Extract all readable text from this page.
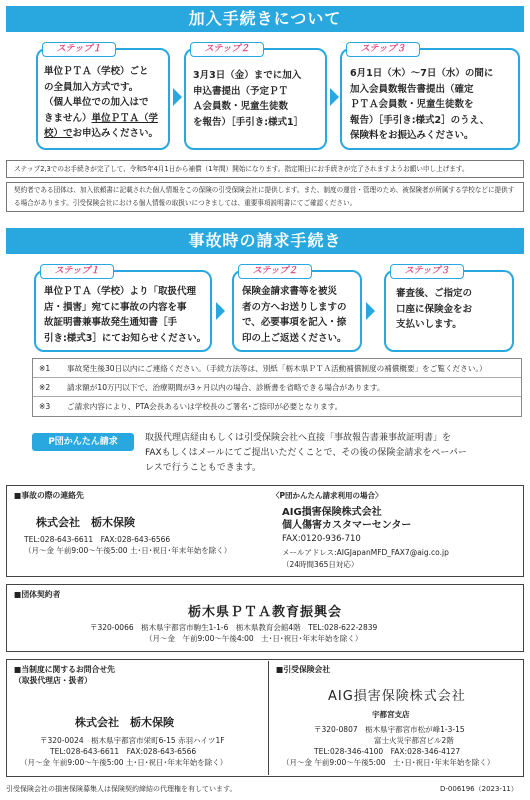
加入手続きについて
ステップ１
単位ＰＴＡ（学校）ごと
の全員加入方式です。
（個人単位での加入はで
きません）単位ＰＴＡ（学
校）でお申込みください。
ステップ２
3月3日（金）までに加入
申込書提出（予定ＰＴ
Ａ会員数・児童生徒数
を報告）［手引き:様式1］
ステップ３
6月1日（木）～7日（水）の間に
加入会員数報告書提出（確定
ＰＴＡ会員数・児童生徒数を
報告）［手引き:様式2］のうえ、
保険料をお振込みください。
ステップ2,3でのお手続きが完了して、令和5年4月1日から補償（1年間）開始になります。指定期日にお手続きが完了されますようお願い申し上げます。
契約者である団体は、加入依頼書に記載された個人情報をこの保険の引受保険会社に提供します。また、制度の運営・管理のため、被保険者が所属する学校などに提供する場合があります。引受保険会社における個人情報の取扱いにつきましては、重要事項説明書にてご確認ください。
事故時の請求手続き
ステップ１
単位ＰＴＡ（学校）より「取扱代理
店・損害」宛てに事故の内容を事
故証明書兼事故発生通知書［手
引き:様式3］にてお知らせください。
ステップ２
保険金請求書等を被災
者の方へお送りしますの
で、必要事項を記入・捺
印の上ご返送ください。
ステップ３
審査後、ご指定の
口座に保険金をお
支払いします。
※1	事故発生後30日以内にご連絡ください。（手続方法等は、別紙「栃木県ＰＴＡ活動補償制度の補償概要」をご覧ください。）
※2	請求額が10万円以下で、治療期間が3ヶ月以内の場合、診断書を省略できる場合があります。
※3	ご請求内容により、PTA会長あるいは学校長のご署名･ご捺印が必要となります。
P団かんたん請求	取扱代理店経由もしくは引受保険会社へ直接「事故報告書兼事故証明書」を
FAXもしくはメールにてご提出いただくことで、その後の保険金請求をペーパー
レスで行うこともできます。
■事故の際の連絡先
株式会社　栃木保険
TEL:028-643-6611　FAX:028-643-6566
（月～金 午前9:00～午後5:00 土･日･祝日･年末年始を除く）
〈P団かんたん請求利用の場合〉
AIG損害保険株式会社
個人傷害カスタマーセンター
FAX:0120-936-710
メールアドレス:AIGJapanMFD_FAX7@aig.co.jp
（24時間365日対応）
■団体契約者
栃木県ＰＴＡ教育振興会
〒320-0066　栃木県宇都宮市駒生1-1-6　栃木県教育会館4階　TEL:028-622-2839
（月～金　午前9:00～午後4:00　土･日･祝日･年末年始を除く）
■当制度に関するお問合せ先
（取扱代理店・扱者）
株式会社　栃木保険
〒320-0024　栃木県宇都宮市栄町6-15 赤羽ハイツ1F
TEL:028-643-6611　FAX:028-643-6566
（月～金 午前9:00～午後5:00 土･日･祝日･年末年始を除く）
■引受保険会社
AIG損害保険株式会社
宇都宮支店
〒320-0807　栃木県宇都宮市松が峰1-3-15
　　　　　　　　富士火災宇都宮ビル2階
TEL:028-346-4100　FAX:028-346-4127
（月～金 午前9:00～午後5:00　土･日･祝日･年末年始を除く）
引受保険会社の損害保険募集人は保険契約締結の代理権を有しています。	D-006196（2023-11）
